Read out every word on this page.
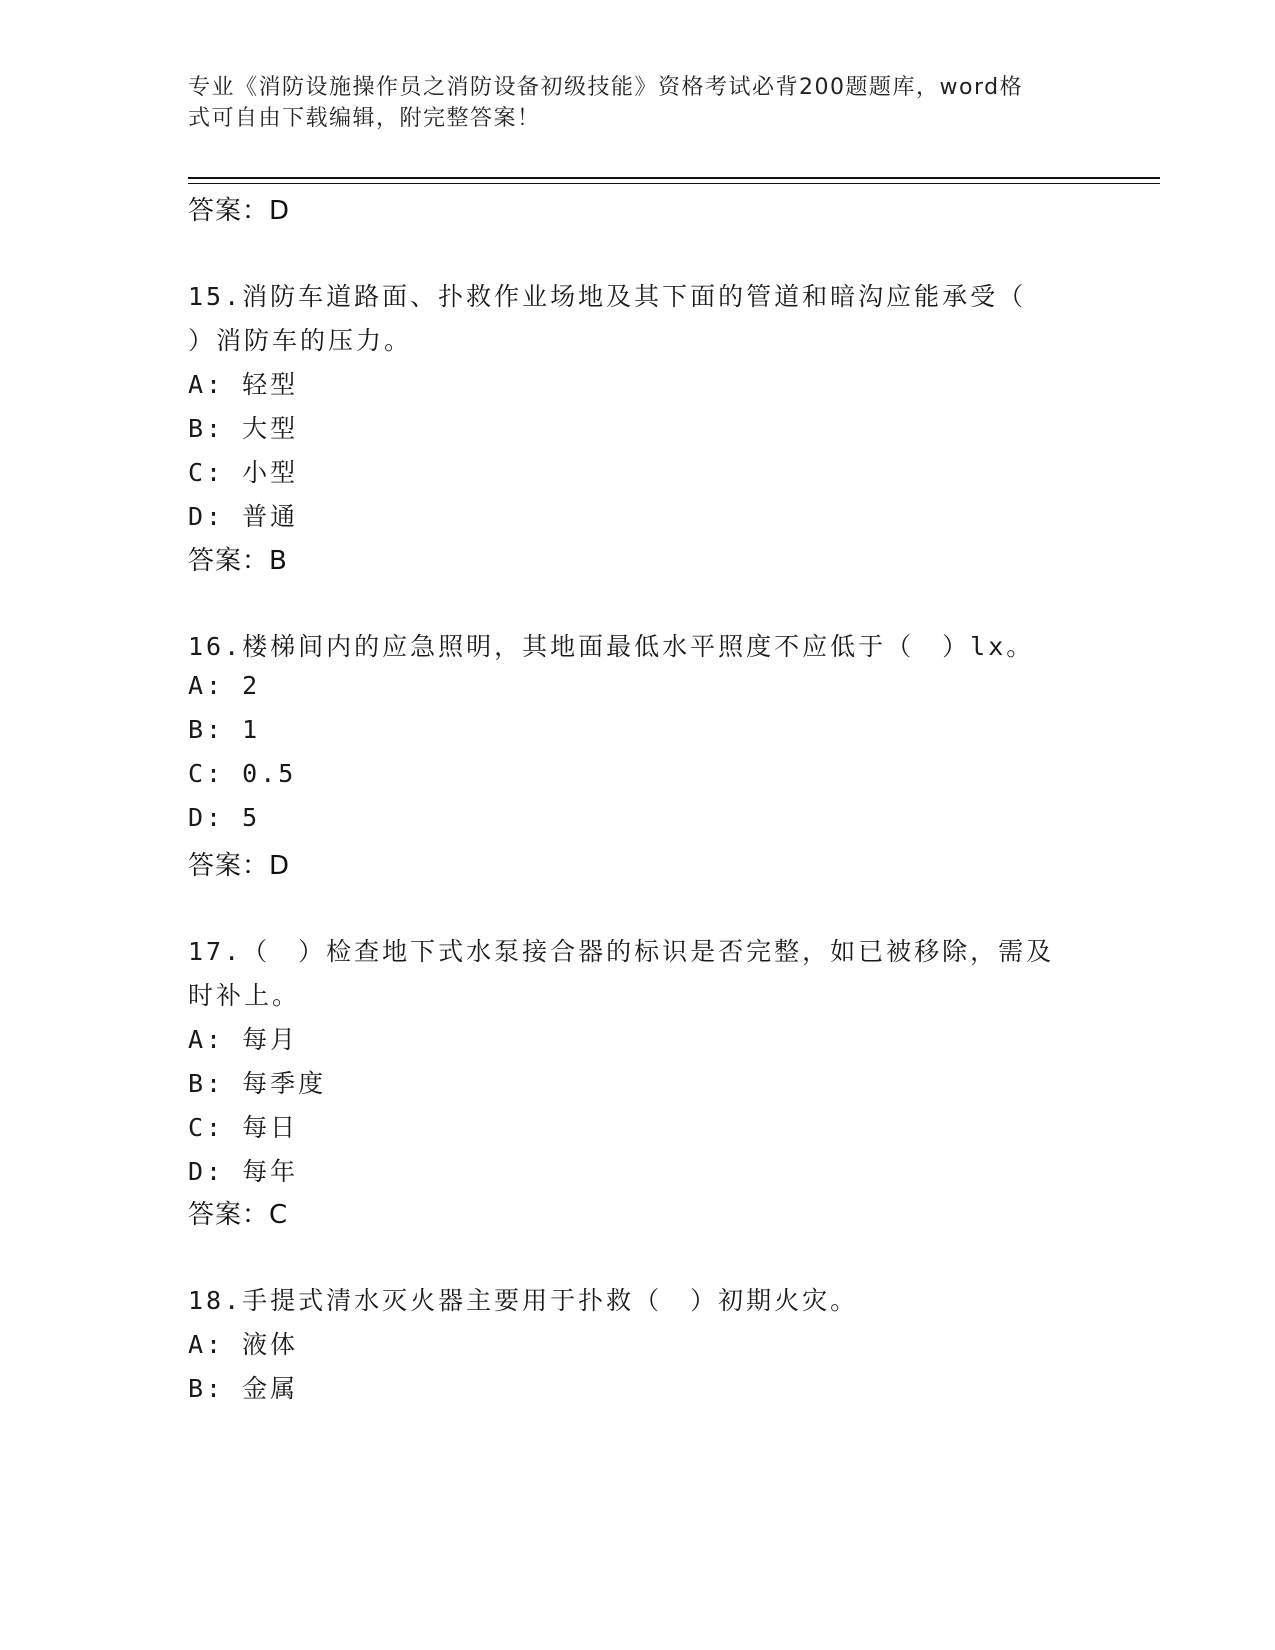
专业《消防设施操作员之消防设备初级技能》资格考试必背200题题库，word格
式可自由下载编辑，附完整答案！
答案：D
15.消防车道路面、扑救作业场地及其下面的管道和暗沟应能承受（
）消防车的压力。
A: 轻型
B: 大型
C: 小型
D: 普通
答案：B
16.楼梯间内的应急照明，其地面最低水平照度不应低于（　）lx。
A: 2
B: 1
C: 0.5
D: 5
答案：D
17.（　）检查地下式水泵接合器的标识是否完整，如已被移除，需及
时补上。
A: 每月
B: 每季度
C: 每日
D: 每年
答案：C
18.手提式清水灭火器主要用于扑救（　）初期火灾。
A: 液体
B: 金属
